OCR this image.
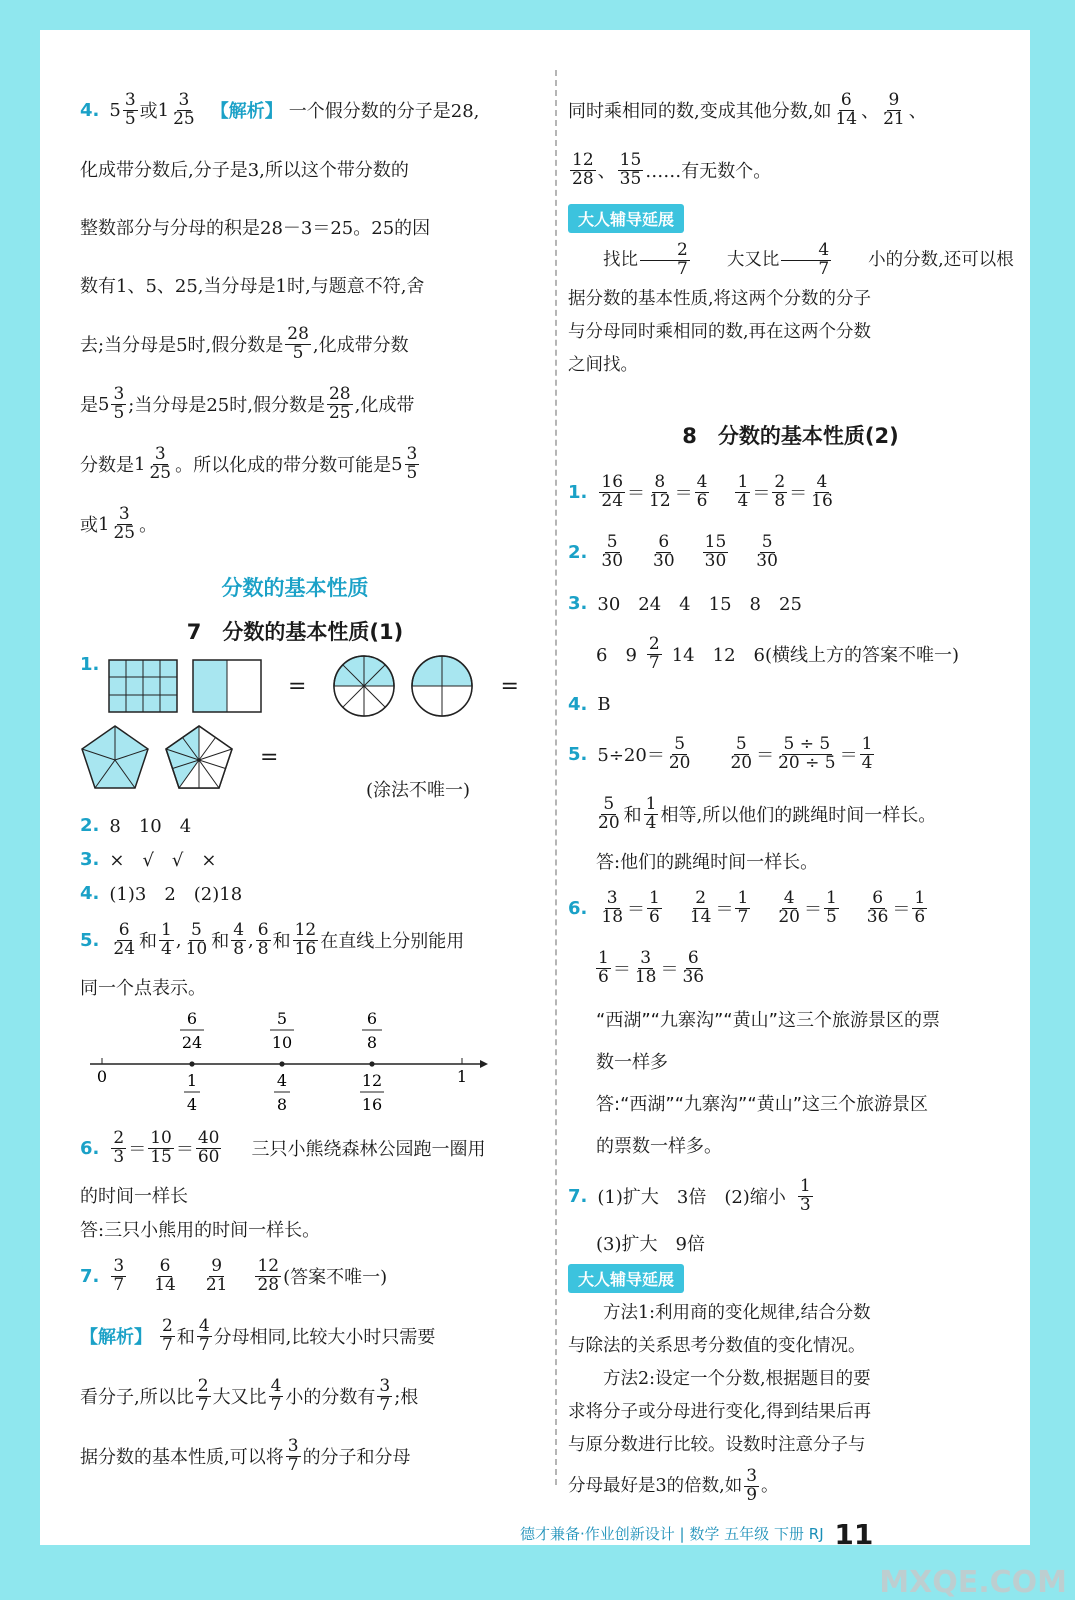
4. $5 \frac{3}{5}$ 或 $1 \frac{3}{25}$ 【解析】 一个假分数的分子是28,
化成带分数后,分子是3,所以这个带分数的
整数部分与分母的积是28－3＝25。25的因
数有1、5、25,当分母是1时,与题意不符,舍
去;当分母是5时,假分数是 $\frac{28}{5}$ ,化成带分数
是 $5 \frac{3}{5}$ ;当分母是25时,假分数是 $\frac{28}{25}$ ,化成带
分数是 $1 \frac{3}{25}$ 。所以化成的带分数可能是 $5 \frac{3}{5}$
或 $1 \frac{3}{25}$ 。
分数的基本性质
7　分数的基本性质(1)
1.
=	=
=
(涂法不唯一)
2. 8　10　4
3. ×　√　√　×
4. (1)3　2　(2)18
5. $\frac{6}{24}$ 和 $\frac{1}{4}$ , $\frac{5}{10}$ 和 $\frac{4}{8}$ , $\frac{6}{8}$ 和 $\frac{12}{16}$ 在直线上分别能用
同一个点表示。
0	1
6
24
5
10
6
8
1
4
4
8
12
16
6. $\frac{2}{3} = \frac{10}{15} = \frac{40}{60}$ 三只小熊绕森林公园跑一圈用
的时间一样长
答:三只小熊用的时间一样长。
7. $\frac{3}{7} \frac{6}{14} \frac{9}{21} \frac{12}{28}$ (答案不唯一)
【解析】 $\frac{2}{7}$ 和 $\frac{4}{7}$ 分母相同,比较大小时只需要
看分子,所以比 $\frac{2}{7}$ 大又比 $\frac{4}{7}$ 小的分数有 $\frac{3}{7}$ ;根
据分数的基本性质,可以将 $\frac{3}{7}$ 的分子和分母
同时乘相同的数,变成其他分数,如 $\frac{6}{14}$ 、 $\frac{9}{21}$ 、
$\frac{12}{28}$ 、 $\frac{15}{35}$ ……有无数个。
大人辅导延展
找比 $\frac{2}{7}$	大又比 $\frac{4}{7}$	小的分数,还可以根
据分数的基本性质,将这两个分数的分子
与分母同时乘相同的数,再在这两个分数
之间找。
8　分数的基本性质(2)
1. $\frac{16}{24} = \frac{8}{12} = \frac{4}{6} \frac{1}{4} = \frac{2}{8} = \frac{4}{16}$
2. $\frac{5}{30} \frac{6}{30} \frac{15}{30} \frac{5}{30}$
3. 30　24　4　15　8　25
6　$9 \frac{2}{7} 14$　12　6(横线上方的答案不唯一)
4. B
5. $5\div 20= \frac{5}{20} \frac{5}{20} = \frac{5 \div 5}{20 \div 5} = \frac{1}{4}$
$\frac{5}{20}$ 和 $\frac{1}{4}$ 相等,所以他们的跳绳时间一样长。
答:他们的跳绳时间一样长。
6. $\frac{3}{18} = \frac{1}{6} \frac{2}{14} = \frac{1}{7} \frac{4}{20} = \frac{1}{5} \frac{6}{36} = \frac{1}{6}$
$\frac{1}{6} = \frac{3}{18} = \frac{6}{36}$
“西湖”“九寨沟”“黄山”这三个旅游景区的票
数一样多
答:“西湖”“九寨沟”“黄山”这三个旅游景区
的票数一样多。
7. (1)扩大　3倍　(2)缩小 $\frac{1}{3}$
(3)扩大　9倍
大人辅导延展
方法1:利用商的变化规律,结合分数
与除法的关系思考分数值的变化情况。
方法2:设定一个分数,根据题目的要
求将分子或分母进行变化,得到结果后再
与原分数进行比较。设数时注意分子与
分母最好是3的倍数,如 $\frac{3}{9}$ 。
德才兼备·作业创新设计 | 数学 五年级 下册 RJ 11
MXQE.COM
